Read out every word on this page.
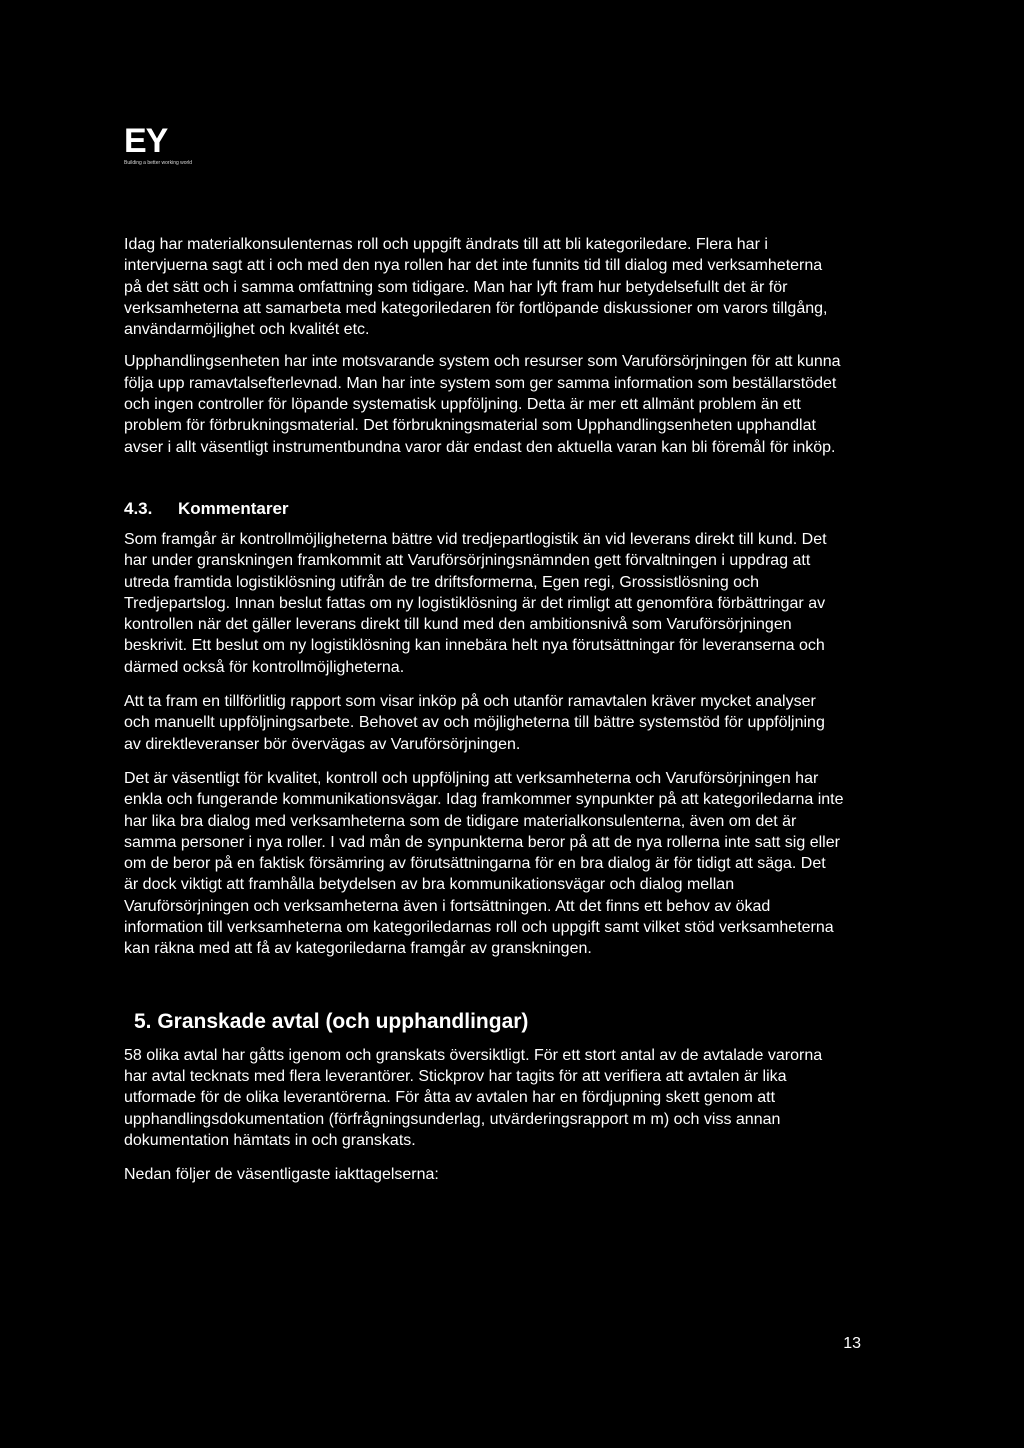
EY
Building a better working world

Idag har materialkonsulenternas roll och uppgift ändrats till att bli kategoriledare. Flera har i intervjuerna sagt att i och med den nya rollen har det inte funnits tid till dialog med verksamheterna på det sätt och i samma omfattning som tidigare. Man har lyft fram hur betydelsefullt det är för verksamheterna att samarbeta med kategoriledaren för fortlöpande diskussioner om varors tillgång, användarmöjlighet och kvalitét etc.

Upphandlingsenheten har inte motsvarande system och resurser som Varuförsörjningen för att kunna följa upp ramavtalsefterlevnad. Man har inte system som ger samma information som beställarstödet och ingen controller för löpande systematisk uppföljning. Detta är mer ett allmänt problem än ett problem för förbrukningsmaterial. Det förbrukningsmaterial som Upphandlingsenheten upphandlat avser i allt väsentligt instrumentbundna varor där endast den aktuella varan kan bli föremål för inköp.

4.3. Kommentarer

Som framgår är kontrollmöjligheterna bättre vid tredjepartlogistik än vid leverans direkt till kund. Det har under granskningen framkommit att Varuförsörjningsnämnden gett förvaltningen i uppdrag att utreda framtida logistiklösning utifrån de tre driftsformerna, Egen regi, Grossistlösning och Tredjepartslog. Innan beslut fattas om ny logistiklösning är det rimligt att genomföra förbättringar av kontrollen när det gäller leverans direkt till kund med den ambitionsnivå som Varuförsörjningen beskrivit. Ett beslut om ny logistiklösning kan innebära helt nya förutsättningar för leveranserna och därmed också för kontrollmöjligheterna.

Att ta fram en tillförlitlig rapport som visar inköp på och utanför ramavtalen kräver mycket analyser och manuellt uppföljningsarbete. Behovet av och möjligheterna till bättre systemstöd för uppföljning av direktleveranser bör övervägas av Varuförsörjningen.

Det är väsentligt för kvalitet, kontroll och uppföljning att verksamheterna och Varuförsörjningen har enkla och fungerande kommunikationsvägar. Idag framkommer synpunkter på att kategoriledarna inte har lika bra dialog med verksamheterna som de tidigare materialkonsulenterna, även om det är samma personer i nya roller. I vad mån de synpunkterna beror på att de nya rollerna inte satt sig eller om de beror på en faktisk försämring av förutsättningarna för en bra dialog är för tidigt att säga. Det är dock viktigt att framhålla betydelsen av bra kommunikationsvägar och dialog mellan Varuförsörjningen och verksamheterna även i fortsättningen. Att det finns ett behov av ökad information till verksamheterna om kategoriledarnas roll och uppgift samt vilket stöd verksamheterna kan räkna med att få av kategoriledarna framgår av granskningen.

5. Granskade avtal (och upphandlingar)

58 olika avtal har gåtts igenom och granskats översiktligt. För ett stort antal av de avtalade varorna har avtal tecknats med flera leverantörer. Stickprov har tagits för att verifiera att avtalen är lika utformade för de olika leverantörerna. För åtta av avtalen har en fördjupning skett genom att upphandlingsdokumentation (förfrågningsunderlag, utvärderingsrapport m m) och viss annan dokumentation hämtats in och granskats.

Nedan följer de väsentligaste iakttagelserna:

13
